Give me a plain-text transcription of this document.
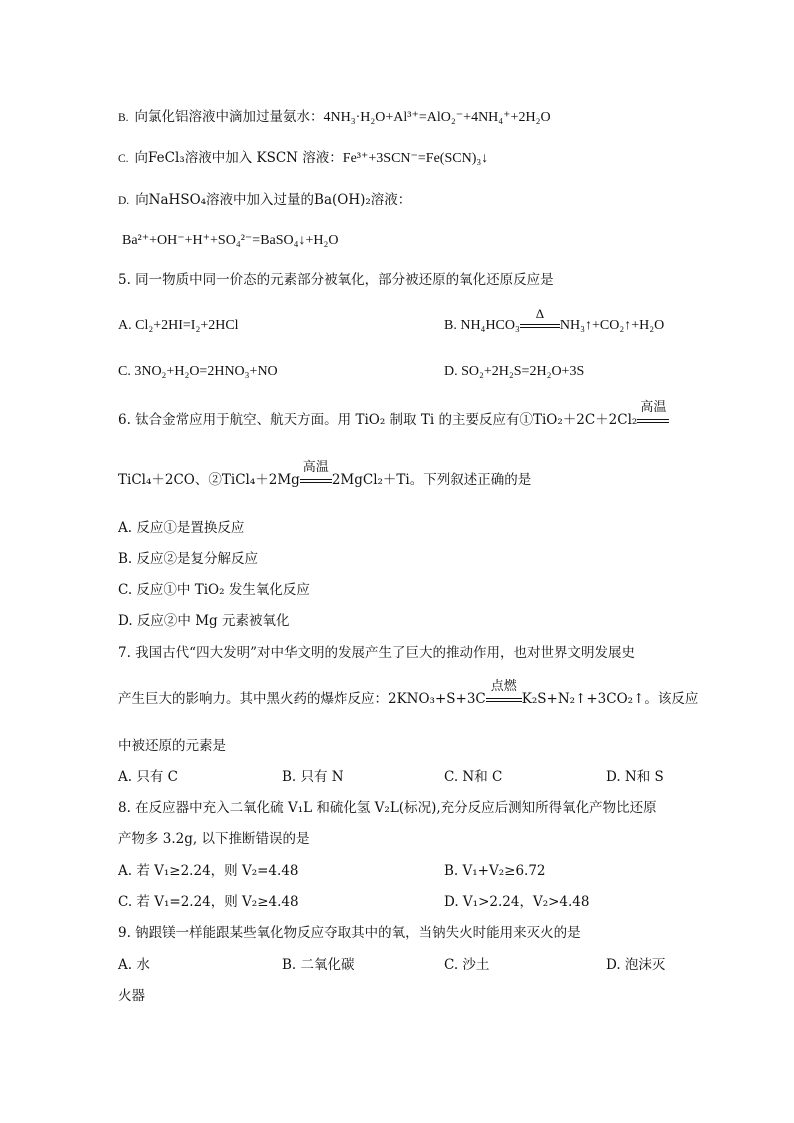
B. 向氯化铝溶液中滴加过量氨水：4NH₃·H₂O+Al³⁺=AlO₂⁻+4NH₄⁺+2H₂O
C. 向FeCl₃溶液中加入 KSCN 溶液：Fe³⁺+3SCN⁻=Fe(SCN)₃↓
D. 向NaHSO₄溶液中加入过量的Ba(OH)₂溶液：
Ba²⁺+OH⁻+H⁺+SO₄²⁻=BaSO₄↓+H₂O
5. 同一物质中同一价态的元素部分被氧化，部分被还原的氧化还原反应是
A. Cl₂+2HI=I₂+2HCl	B. NH₄HCO₃
Δ
NH₃↑+CO₂↑+H₂O
C. 3NO₂+H₂O=2HNO₃+NO	D. SO₂+2H₂S=2H₂O+3S
6. 钛合金常应用于航空、航天方面。用 TiO₂ 制取 Ti 的主要反应有①TiO₂＋2C＋2Cl₂
高温
TiCl₄＋2CO、②TiCl₄＋2Mg
高温
2MgCl₂＋Ti。下列叙述正确的是
A. 反应①是置换反应
B. 反应②是复分解反应
C. 反应①中 TiO₂ 发生氧化反应
D. 反应②中 Mg 元素被氧化
7. 我国古代“四大发明”对中华文明的发展产生了巨大的推动作用，也对世界文明发展史
产生巨大的影响力。其中黑火药的爆炸反应：2KNO₃+S+3C
点燃
K₂S+N₂↑+3CO₂↑。该反应
中被还原的元素是
A. 只有 C	B. 只有 N	C. N和 C	D. N和 S
8. 在反应器中充入二氧化硫 V₁L 和硫化氢 V₂L(标况),充分反应后测知所得氧化产物比还原
产物多 3.2g, 以下推断错误的是
A. 若 V₁≥2.24，则 V₂=4.48	B. V₁+V₂≥6.72
C. 若 V₁=2.24，则 V₂≥4.48	D. V₁>2.24，V₂>4.48
9. 钠跟镁一样能跟某些氧化物反应夺取其中的氧，当钠失火时能用来灭火的是
A. 水	B. 二氧化碳	C. 沙土	D. 泡沫灭
火器
